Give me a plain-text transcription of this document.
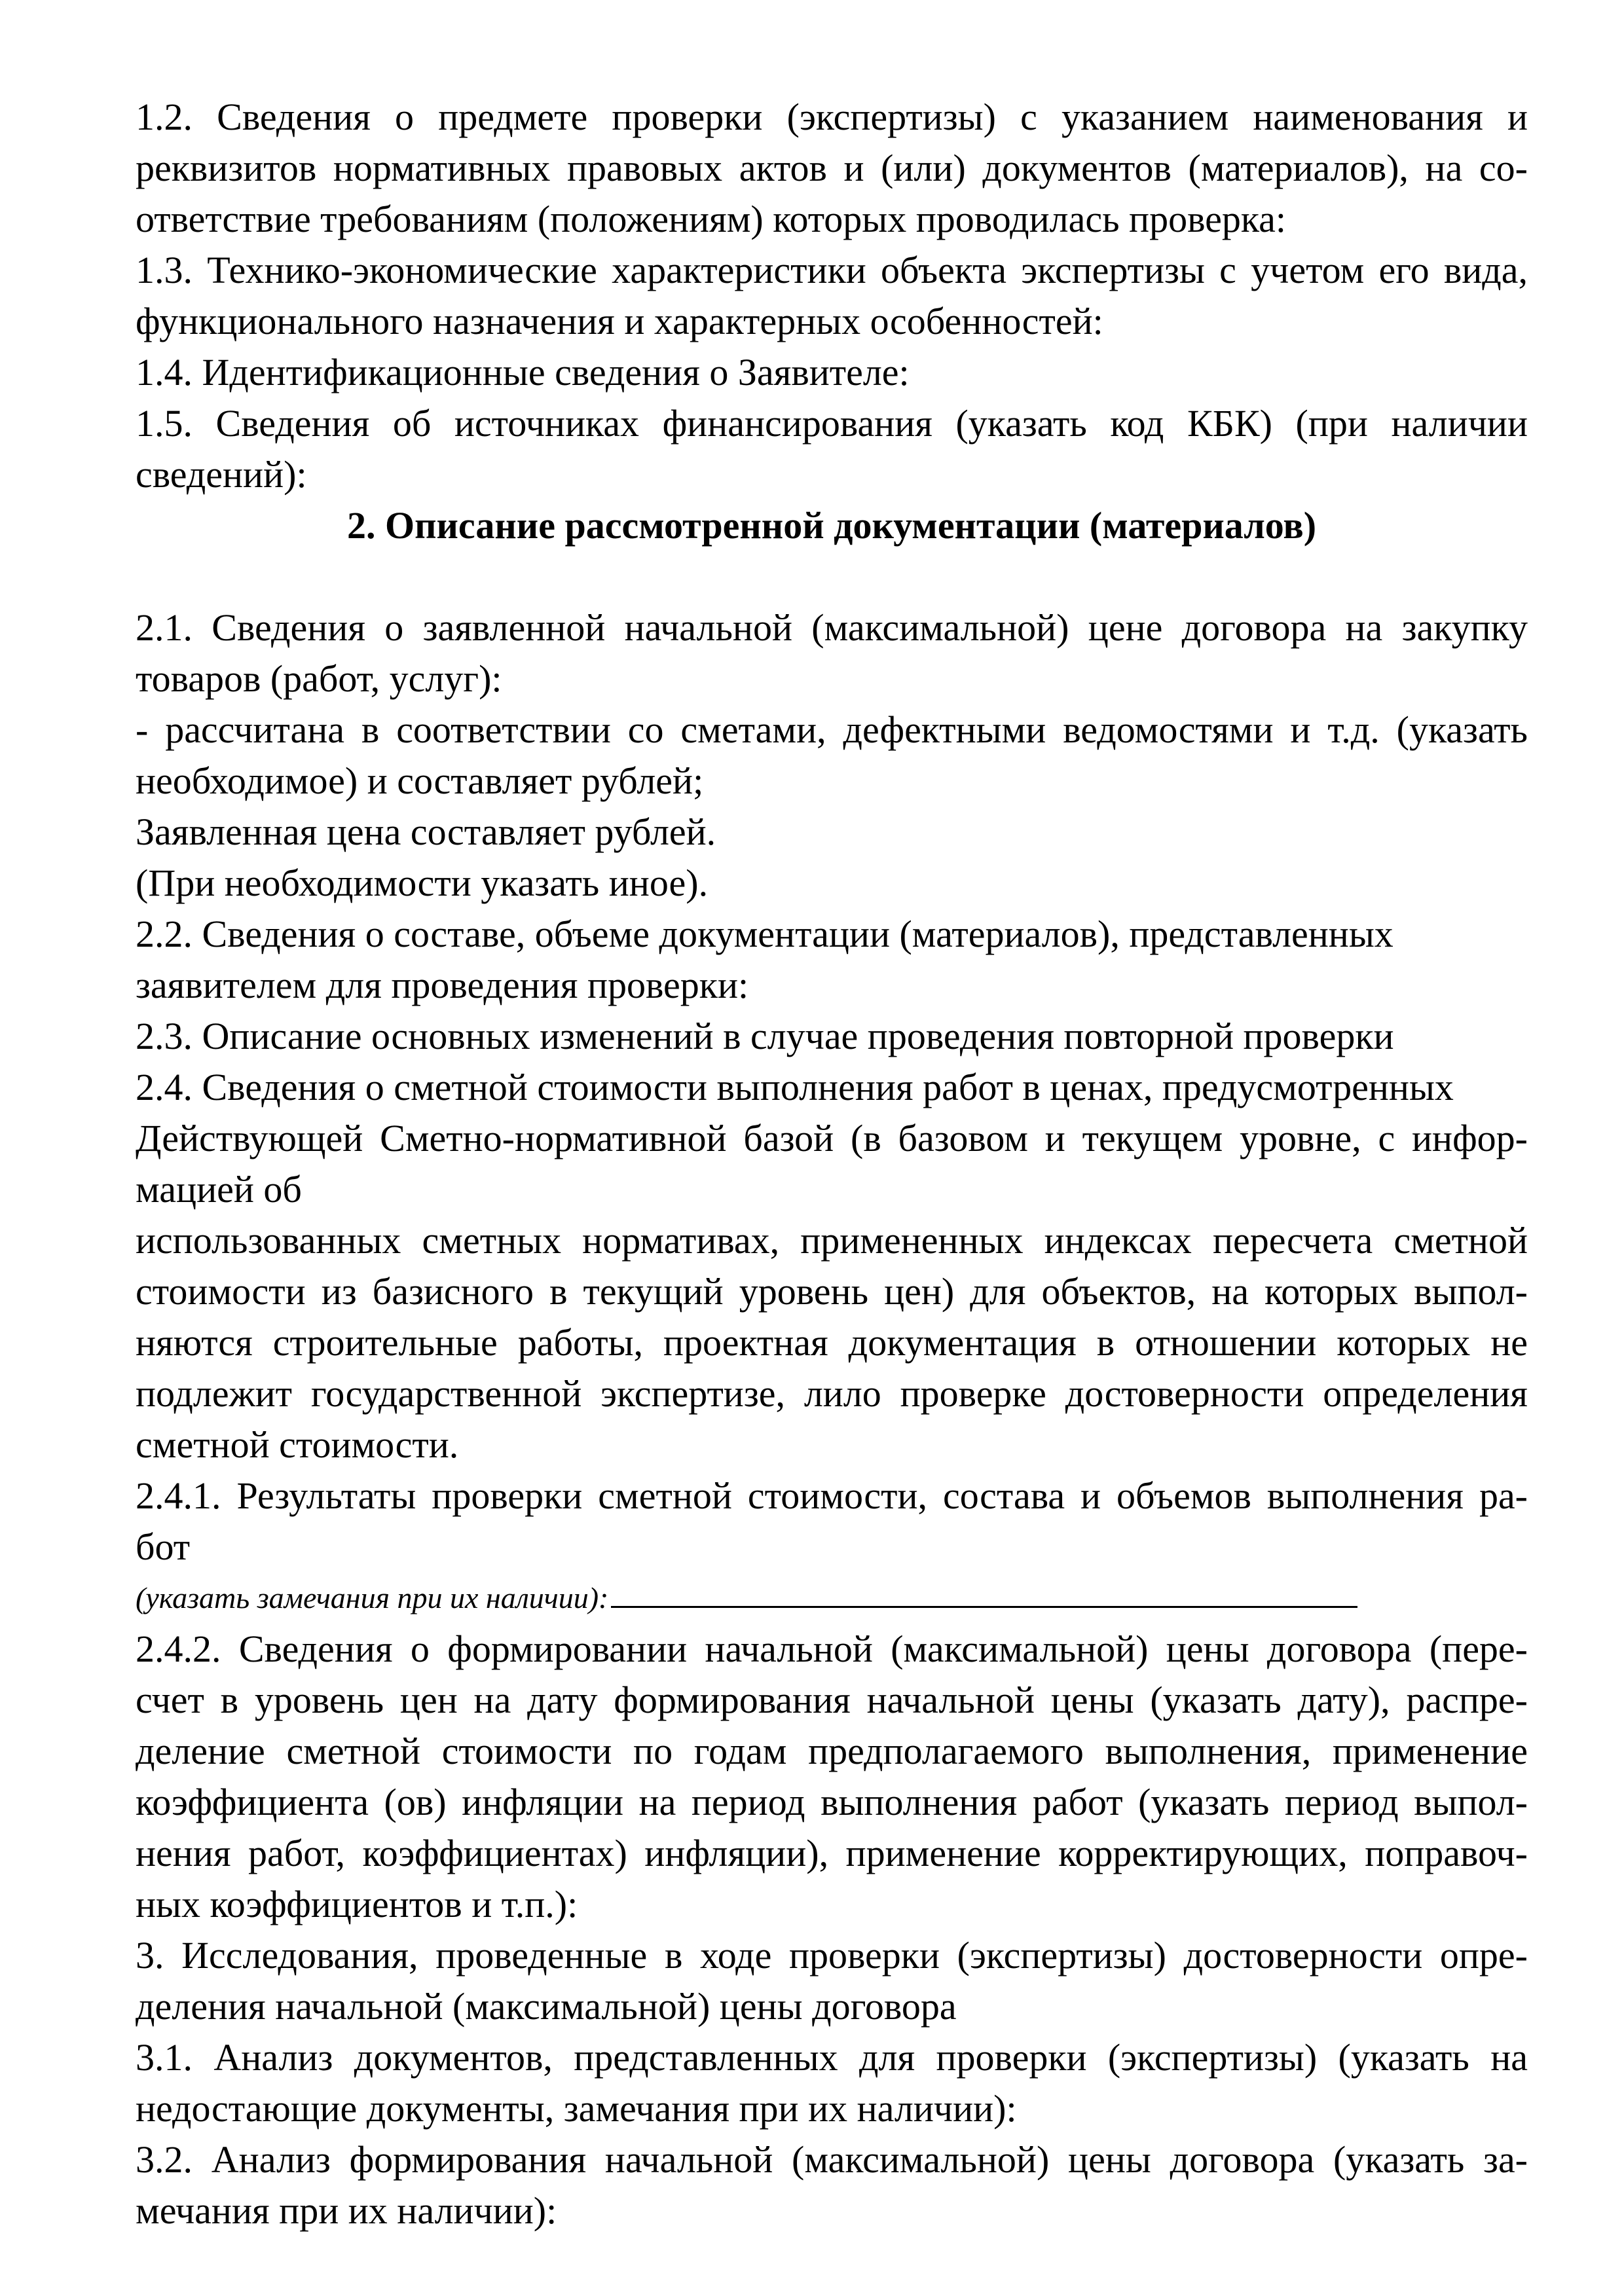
1.2. Сведения о предмете проверки (экспертизы) с указанием наименования и
реквизитов нормативных правовых актов и (или) документов (материалов), на со-
ответствие требованиям (положениям) которых проводилась проверка:
1.3. Технико-экономические характеристики объекта экспертизы с учетом его вида,
функционального назначения и характерных особенностей:
1.4. Идентификационные сведения о Заявителе:
1.5. Сведения об источниках финансирования (указать код КБК) (при наличии
сведений):
2. Описание рассмотренной документации (материалов)
2.1. Сведения о заявленной начальной (максимальной) цене договора на закупку
товаров (работ, услуг):
- рассчитана в соответствии со сметами, дефектными ведомостями и т.д. (указать
необходимое) и составляет рублей;
Заявленная цена составляет рублей.
(При необходимости указать иное).
2.2. Сведения о составе, объеме документации (материалов), представленных
заявителем для проведения проверки:
2.3. Описание основных изменений в случае проведения повторной проверки
2.4. Сведения о сметной стоимости выполнения работ в ценах, предусмотренных
Действующей Сметно-нормативной базой (в базовом и текущем уровне, с инфор-
мацией об
использованных сметных нормативах, примененных индексах пересчета сметной
стоимости из базисного в текущий уровень цен) для объектов, на которых выпол-
няются строительные работы, проектная документация в отношении которых не
подлежит государственной экспертизе, лило проверке достоверности определения
сметной стоимости.
2.4.1. Результаты проверки сметной стоимости, состава и объемов выполнения ра-
бот
(указать замечания при их наличии):
2.4.2. Сведения о формировании начальной (максимальной) цены договора (пере-
счет в уровень цен на дату формирования начальной цены (указать дату), распре-
деление сметной стоимости по годам предполагаемого выполнения, применение
коэффициента (ов) инфляции на период выполнения работ (указать период выпол-
нения работ, коэффициентах) инфляции), применение корректирующих, поправоч-
ных коэффициентов и т.п.):
3. Исследования, проведенные в ходе проверки (экспертизы) достоверности опре-
деления начальной (максимальной) цены договора
3.1. Анализ документов, представленных для проверки (экспертизы) (указать на
недостающие документы, замечания при их наличии):
3.2. Анализ формирования начальной (максимальной) цены договора (указать за-
мечания при их наличии):
